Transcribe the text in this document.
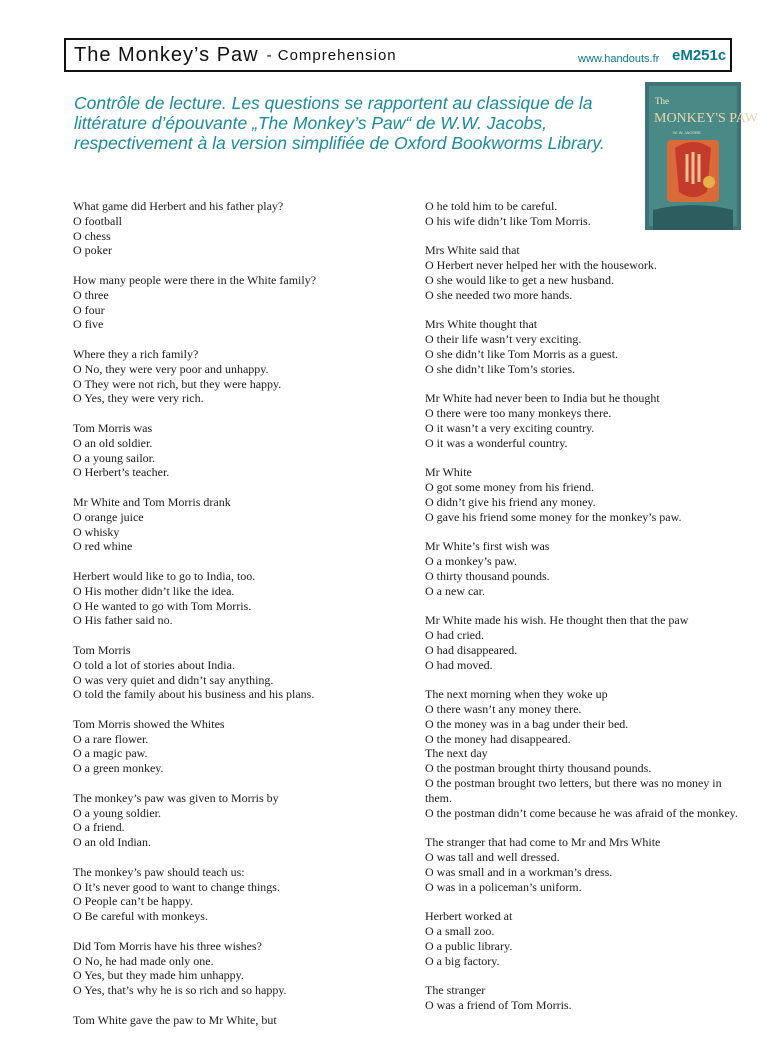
The Monkey’s Paw - Comprehension	www.handouts.fr eM251c
Contrôle de lecture. Les questions se rapportent au classique de la littérature d’épouvante „The Monkey’s Paw“ de W.W. Jacobs, respectivement à la version simplifiée de Oxford Bookworms Library.
The
MONKEY'S PAW
W. W. JACOBS

What game did Herbert and his father play?

O football

O chess

O poker

How many people were there in the White family?

O three

O four

O five

Where they a rich family?

O No, they were very poor and unhappy.

O They were not rich, but they were happy.

O Yes, they were very rich.

Tom Morris was

O an old soldier.

O a young sailor.

O Herbert’s teacher.

Mr White and Tom Morris drank

O orange juice

O whisky

O red whine

Herbert would like to go to India, too.

O His mother didn’t like the idea.

O He wanted to go with Tom Morris.

O His father said no.

Tom Morris

O told a lot of stories about India.

O was very quiet and didn’t say anything.

O told the family about his business and his plans.

Tom Morris showed the Whites

O a rare flower.

O a magic paw.

O a green monkey.

The monkey’s paw was given to Morris by

O a young soldier.

O a friend.

O an old Indian.

The monkey’s paw should teach us:

O It’s never good to want to change things.

O People can’t be happy.

O Be careful with monkeys.

Did Tom Morris have his three wishes?

O No, he had made only one.

O Yes, but they made him unhappy.

O Yes, that’s why he is so rich and so happy.

Tom White gave the paw to Mr White, but

O he told him to be careful.

O his wife didn’t like Tom Morris.

Mrs White said that

O Herbert never helped her with the housework.

O she would like to get a new husband.

O she needed two more hands.

Mrs White thought that

O their life wasn’t very exciting.

O she didn’t like Tom Morris as a guest.

O she didn’t like Tom’s stories.

Mr White had never been to India but he thought

O there were too many monkeys there.

O it wasn’t a very exciting country.

O it was a wonderful country.

Mr White

O got some money from his friend.

O didn’t give his friend any money.

O gave his friend some money for the monkey’s paw.

Mr White’s first wish was

O a monkey’s paw.

O thirty thousand pounds.

O a new car.

Mr White made his wish. He thought then that the paw

O had cried.

O had disappeared.

O had moved.

The next morning when they woke up

O there wasn’t any money there.

O the money was in a bag under their bed.

O the money had disappeared.

The next day

O the postman brought thirty thousand pounds.

O the postman brought two letters, but there was no money in them.

O the postman didn’t come because he was afraid of the monkey.

The stranger that had come to Mr and Mrs White

O was tall and well dressed.

O was small and in a workman’s dress.

O was in a policeman’s uniform.

Herbert worked at

O a small zoo.

O a public library.

O a big factory.

The stranger

O was a friend of Tom Morris.
